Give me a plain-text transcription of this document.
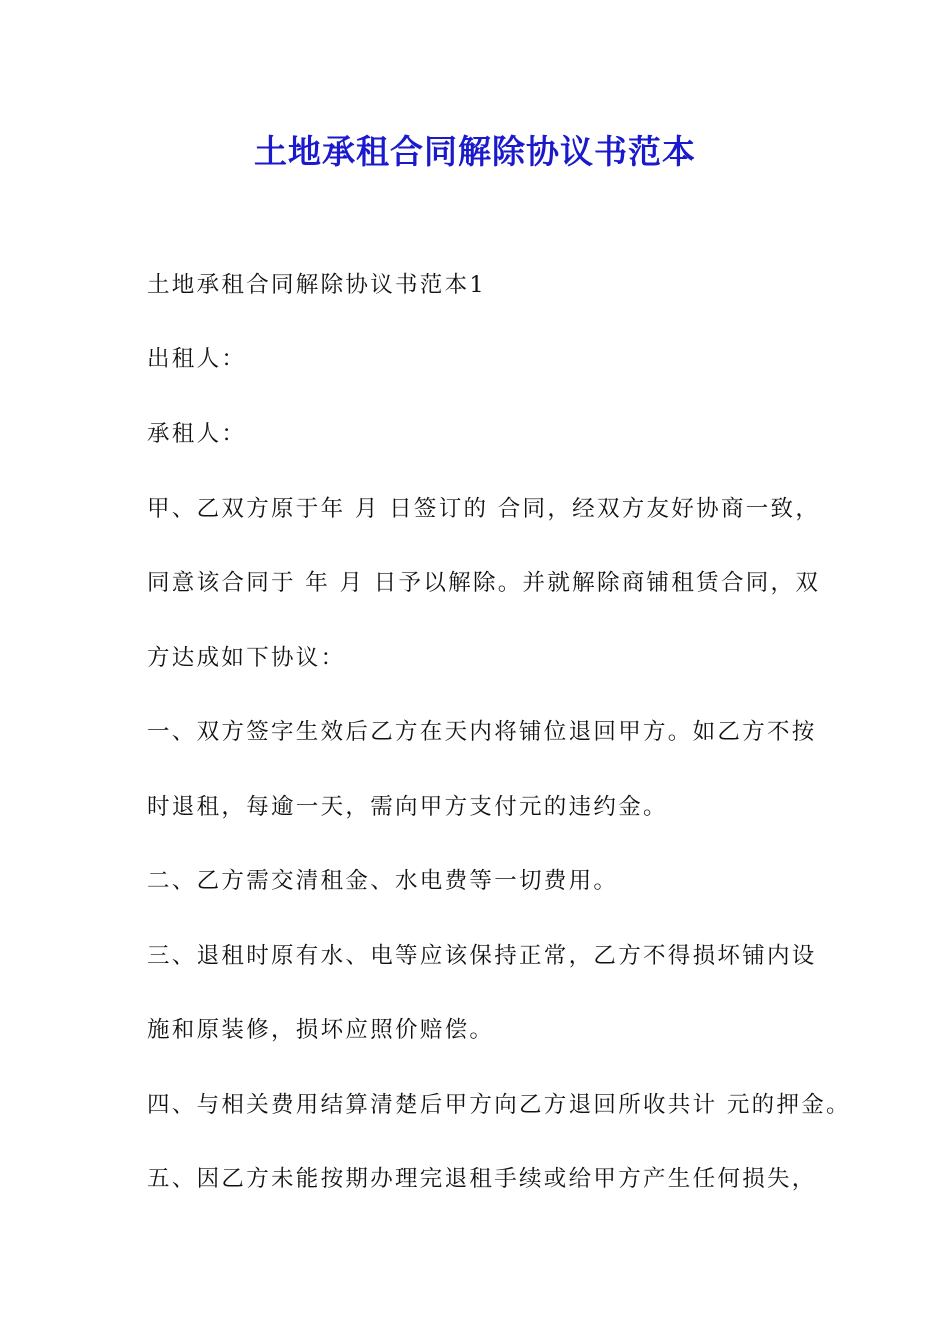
土地承租合同解除协议书范本
土地承租合同解除协议书范本1
出租人：
承租人：
甲、乙双方原于年 月 日签订的 合同，经双方友好协商一致，
同意该合同于 年 月 日予以解除。并就解除商铺租赁合同，双
方达成如下协议：
一、双方签字生效后乙方在天内将铺位退回甲方。如乙方不按
时退租，每逾一天，需向甲方支付元的违约金。
二、乙方需交清租金、水电费等一切费用。
三、退租时原有水、电等应该保持正常，乙方不得损坏铺内设
施和原装修，损坏应照价赔偿。
四、与相关费用结算清楚后甲方向乙方退回所收共计 元的押金。
五、因乙方未能按期办理完退租手续或给甲方产生任何损失，
